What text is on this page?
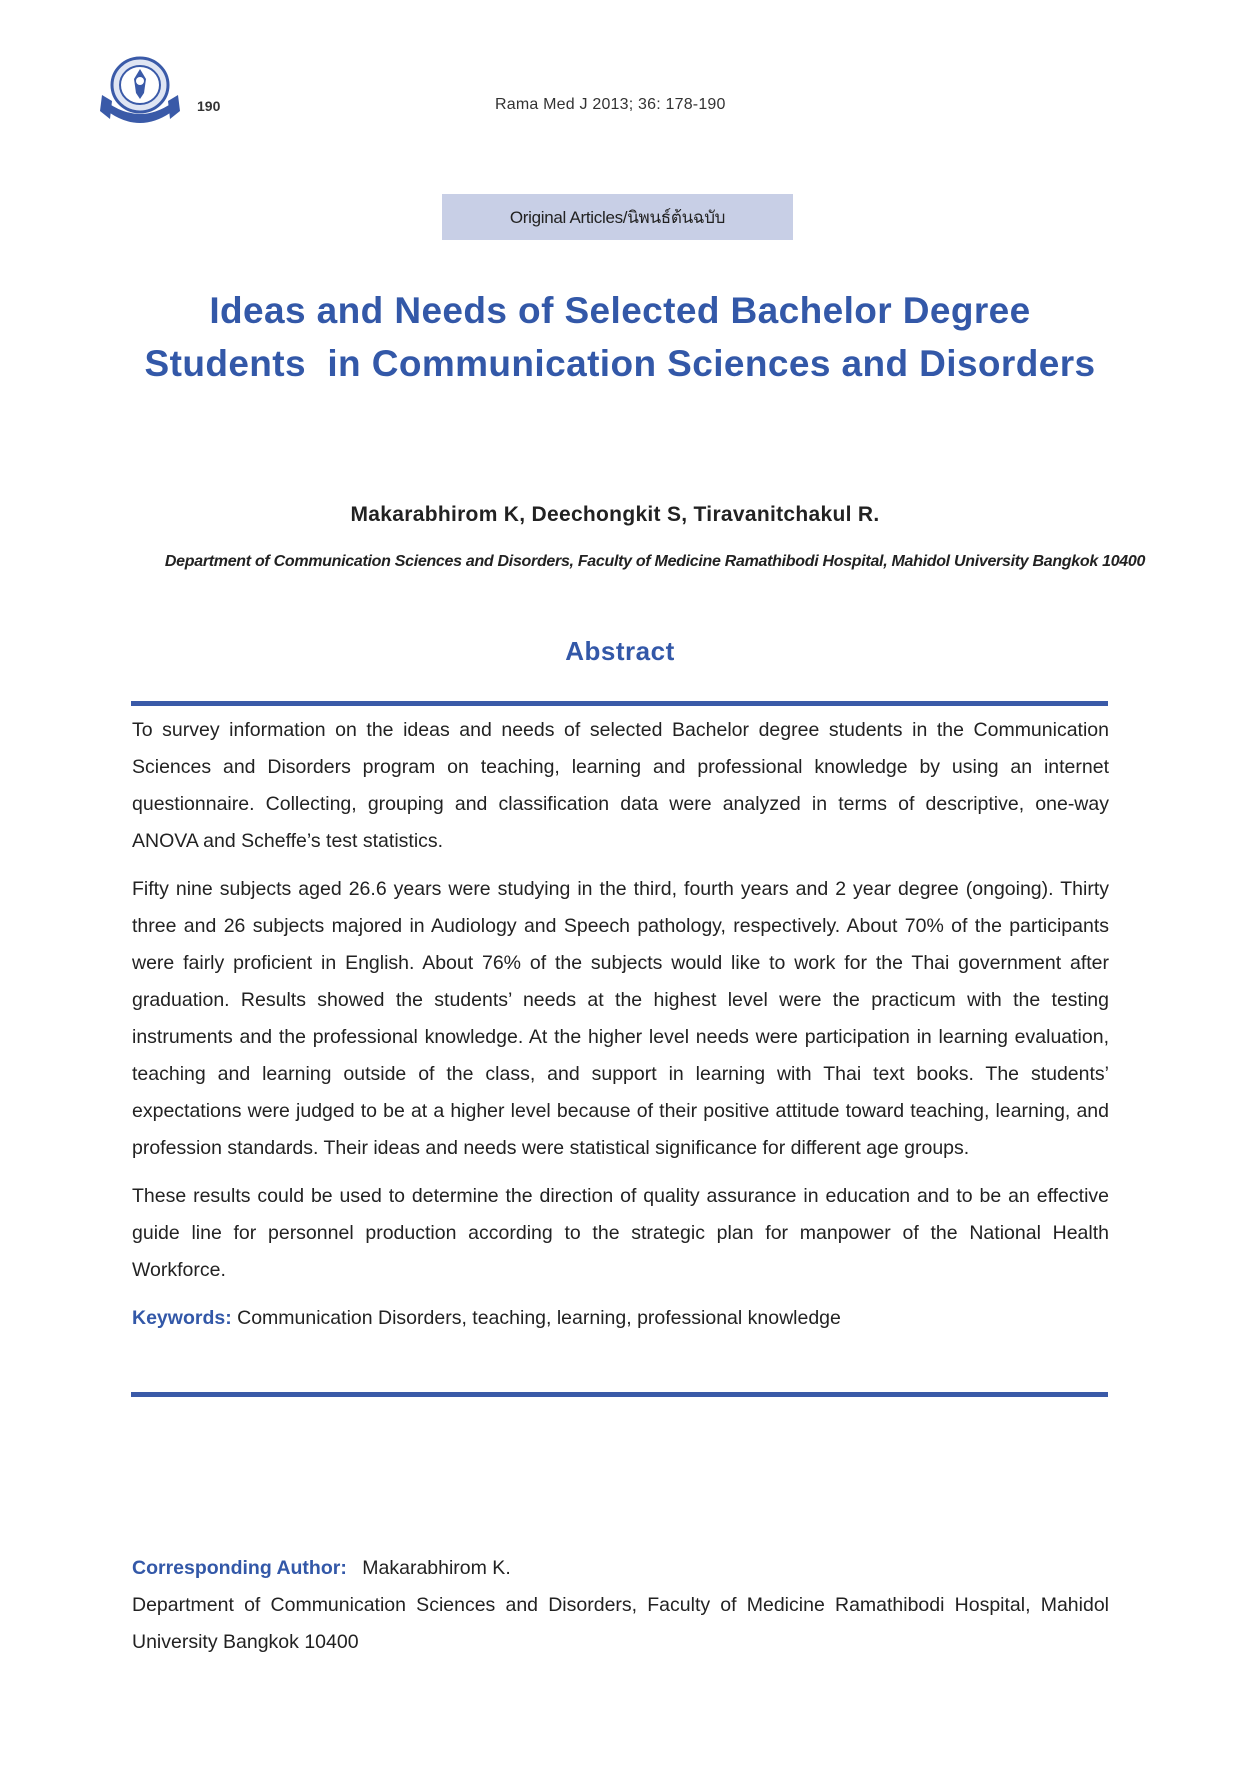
190	Rama Med J 2013; 36: 178-190
Original Articles/นิพนธ์ต้นฉบับ
Ideas and Needs of Selected Bachelor Degree
Students  in Communication Sciences and Disorders
Makarabhirom K, Deechongkit S, Tiravanitchakul R.
Department of Communication Sciences and Disorders, Faculty of Medicine Ramathibodi Hospital, Mahidol University Bangkok 10400
Abstract

To survey information on the ideas and needs of selected Bachelor degree students in the Communication Sciences and Disorders program on teaching, learning and professional knowledge by using an internet questionnaire. Collecting, grouping and classification data were analyzed in terms of descriptive, one-way ANOVA and Scheffe’s test statistics.

Fifty nine subjects aged 26.6 years were studying in the third, fourth years and 2 year degree (ongoing). Thirty three and 26 subjects majored in Audiology and Speech pathology, respectively. About 70% of the participants were fairly proficient in English. About 76% of the subjects would like to work for the Thai government after graduation. Results showed the students’ needs at the highest level were the practicum with the testing instruments and the professional knowledge. At the higher level needs were participation in learning evaluation, teaching and learning outside of the class, and support in learning with Thai text books. The students’ expectations were judged to be at a higher level because of their positive attitude toward teaching, learning, and profession standards. Their ideas and needs were statistical significance for different age groups.

These results could be used to determine the direction of quality assurance in education and to be an effective guide line for personnel production according to the strategic plan for manpower of the National Health Workforce.

Keywords: Communication Disorders, teaching, learning, professional knowledge

Corresponding Author: Makarabhirom K.

Department of Communication Sciences and Disorders, Faculty of Medicine Ramathibodi Hospital, Mahidol University Bangkok 10400
